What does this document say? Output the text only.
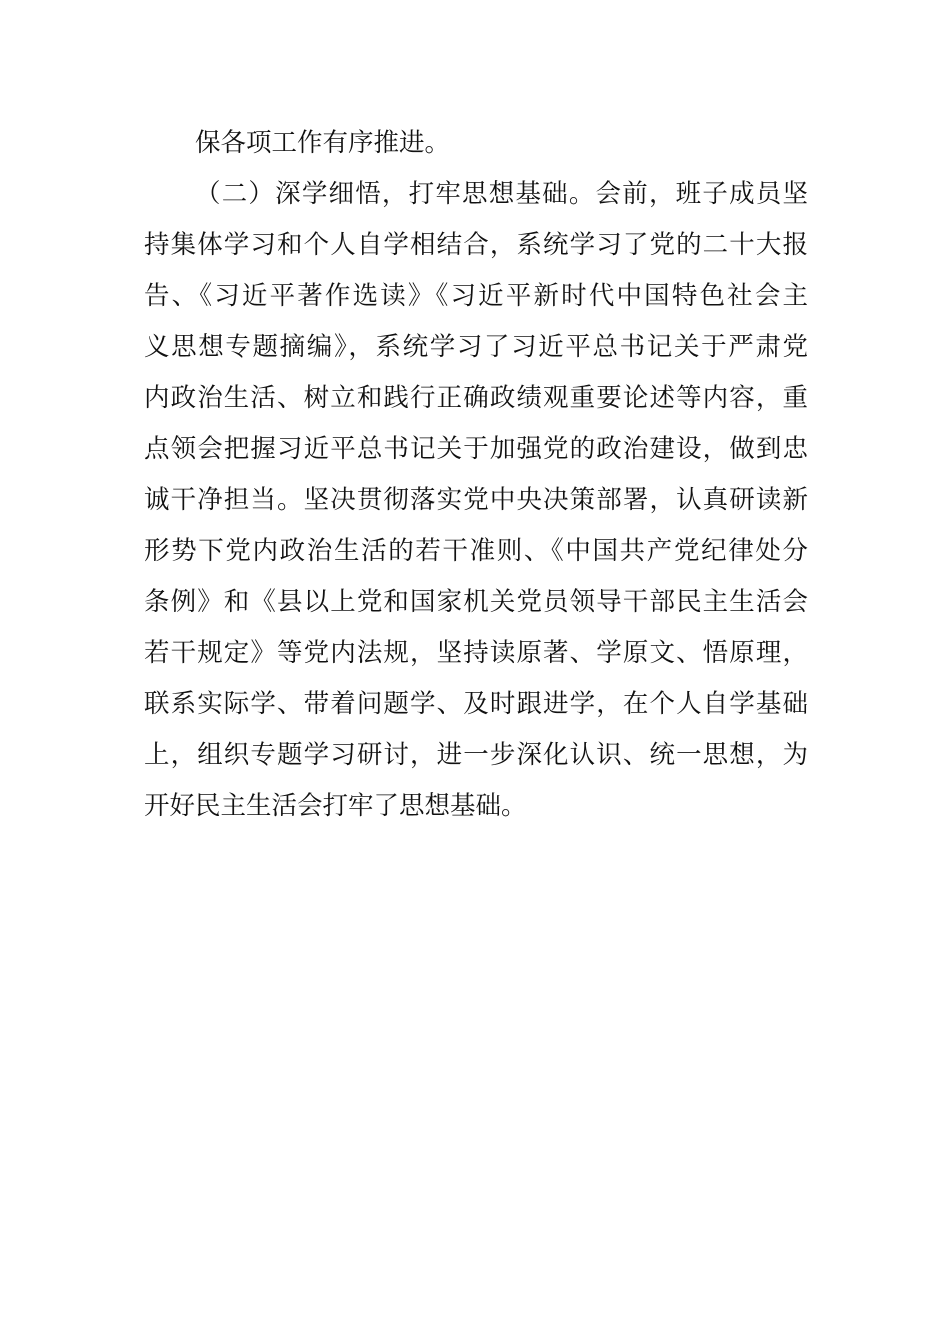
保各项工作有序推进。
（二）深学细悟，打牢思想基础。会前，班子成员坚
持集体学习和个人自学相结合，系统学习了党的二十大报
告、《习近平著作选读》《习近平新时代中国特色社会主
义思想专题摘编》，系统学习了习近平总书记关于严肃党
内政治生活、树立和践行正确政绩观重要论述等内容，重
点领会把握习近平总书记关于加强党的政治建设，做到忠
诚干净担当。坚决贯彻落实党中央决策部署，认真研读新
形势下党内政治生活的若干准则、《中国共产党纪律处分
条例》和《县以上党和国家机关党员领导干部民主生活会
若干规定》等党内法规，坚持读原著、学原文、悟原理，
联系实际学、带着问题学、及时跟进学，在个人自学基础
上，组织专题学习研讨，进一步深化认识、统一思想，为
开好民主生活会打牢了思想基础。
